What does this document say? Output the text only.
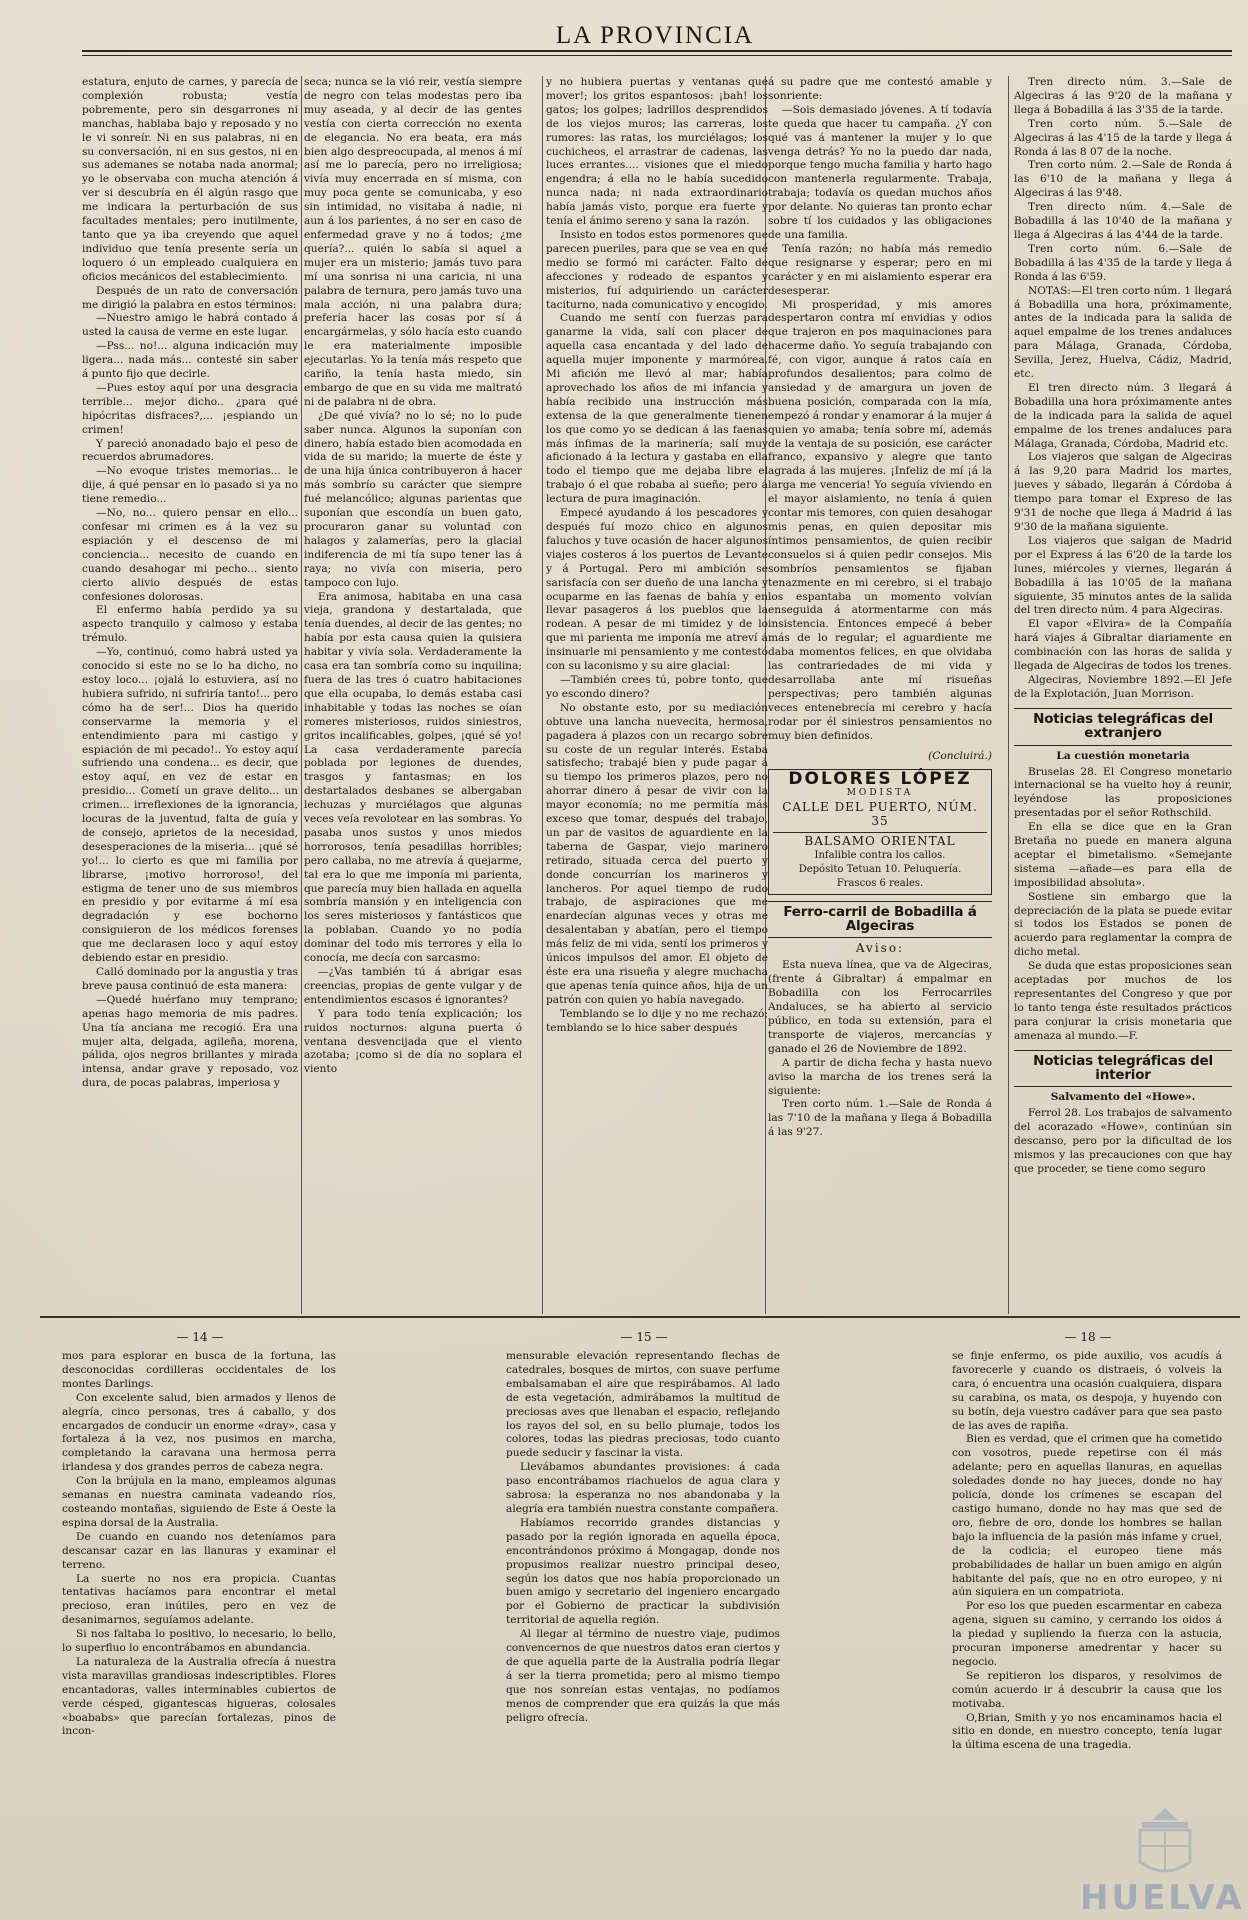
LA PROVINCIA

estatura, enjuto de carnes, y parecía de complexión robusta; vestía pobremente, pero sin desgarrones ni manchas, hablaba bajo y reposado y no le vi sonreír. Ni en sus palabras, ni en su conversación, ni en sus gestos, ni en sus ademanes se notaba nada anormal; yo le observaba con mucha atención á ver si descubría en él algún rasgo que me indicara la perturbación de sus facultades mentales; pero inutilmente, tanto que ya iba creyendo que aquel individuo que tenía presente sería un loquero ó un empleado cualquiera en oficios mecánicos del establecimiento.

Después de un rato de conversación me dirigió la palabra en estos términos:

—Nuestro amigo le habrá contado á usted la causa de verme en este lugar.

—Pss... no!... alguna indicación muy ligera... nada más... contesté sin saber á punto fijo que decirle.

—Pues estoy aquí por una desgracia terrible... mejor dicho.. ¿para qué hipócritas disfraces?,... ¡espiando un crimen!

Y pareció anonadado bajo el peso de recuerdos abrumadores.

—No evoque tristes memorias... le dije, á qué pensar en lo pasado si ya no tiene remedio...

—No, no... quiero pensar en ello... confesar mi crimen es á la vez su espiación y el descenso de mi conciencia... necesito de cuando en cuando desahogar mi pecho... siento cierto alivio después de estas confesiones dolorosas.

El enfermo había perdido ya su aspecto tranquilo y calmoso y estaba trémulo.

—Yo, continuó, como habrá usted ya conocido si este no se lo ha dicho, no estoy loco... ¡ojalá lo estuviera, así no hubiera sufrido, ni sufriría tanto!... pero cómo ha de ser!... Dios ha querido conservarme la memoria y el entendimiento para mi castigo y espiación de mi pecado!.. Yo estoy aquí sufriendo una condena... es decir, que estoy aquí, en vez de estar en presidio... Cometí un grave delito... un crimen... irreflexiones de la ignorancia, locuras de la juventud, falta de guía y de consejo, aprietos de la necesidad, desesperaciones de la miseria... ¡qué sé yo!... lo cierto es que mi familia por librarse, ¡motivo horroroso!, del estigma de tener uno de sus miembros en presidio y por evitarme á mí esa degradación y ese bochorno consiguieron de los médicos forenses que me declarasen loco y aquí estoy debiendo estar en presidio.

Calló dominado por la angustia y tras breve pausa continuó de esta manera:

—Quedé huérfano muy temprano; apenas hago memoria de mis padres. Una tía anciana me recogió. Era una mujer alta, delgada, agileña, morena, pálida, ojos negros brillantes y mirada intensa, andar grave y reposado, voz dura, de pocas palabras, imperiosa y

seca; nunca se la vió reir, vestía siempre de negro con telas modestas pero iba muy aseada, y al decir de las gentes vestía con cierta corrección no exenta de elegancia. No era beata, era más bien algo despreocupada, al menos á mí así me lo parecía, pero no irreligiosa; vivía muy encerrada en sí misma, con muy poca gente se comunicaba, y eso sin intimidad, no visitaba á nadie, ni aun á los parientes, á no ser en caso de enfermedad grave y no á todos; ¿me quería?... quién lo sabía si aquel a mujer era un misterio; jamás tuvo para mí una sonrisa ni una caricia, ni una palabra de ternura, pero jamás tuvo una mala acción, ni una palabra dura; prefería hacer las cosas por sí á encargármelas, y sólo hacía esto cuando le era materialmente imposible ejecutarlas. Yo la tenía más respeto que cariño, la tenía hasta miedo, sin embargo de que en su vida me maltrató ni de palabra ni de obra.

¿De qué vivía? no lo sé; no lo pude saber nunca. Algunos la suponían con dinero, había estado bien acomodada en vida de su marido; la muerte de éste y de una hija única contribuyeron á hacer más sombrío su carácter que siempre fué melancólico; algunas parientas que suponían que escondía un buen gato, procuraron ganar su voluntad con halagos y zalamerías, pero la glacial indiferencia de mi tía supo tener las á raya; no vivía con miseria, pero tampoco con lujo.

Era animosa, habitaba en una casa vieja, grandona y destartalada, que tenía duendes, al decir de las gentes; no había por esta causa quien la quisiera habitar y vivía sola. Verdaderamente la casa era tan sombría como su inquilina; fuera de las tres ó cuatro habitaciones que ella ocupaba, lo demás estaba casi inhabitable y todas las noches se oían romeres misteriosos, ruidos siniestros, gritos incalificables, golpes, ¡qué sé yo! La casa verdaderamente parecía poblada por legiones de duendes, trasgos y fantasmas; en los destartalados desbanes se albergaban lechuzas y murciélagos que algunas veces veía revolotear en las sombras. Yo pasaba unos sustos y unos miedos horrorosos, tenía pesadillas horribles; pero callaba, no me atrevía á quejarme, tal era lo que me imponía mi parienta, que parecía muy bien hallada en aquella sombría mansión y en inteligencia con los seres misteriosos y fantásticos que la poblaban. Cuando yo no podía dominar del todo mis terrores y ella lo conocía, me decía con sarcasmo:

—¿Vas también tú á abrigar esas creencias, propias de gente vulgar y de entendimientos escasos é ignorantes?

Y para todo tenía explicación; los ruidos nocturnos: alguna puerta ó ventana desvencijada que el viento azotaba; ¡como si de día no soplara el viento

y no hubiera puertas y ventanas que mover!; los gritos espantosos: ¡bah! los gatos; los golpes; ladrillos desprendidos de los viejos muros; las carreras, los rumores: las ratas, los murciélagos; los cuchicheos, el arrastrar de cadenas, las luces errantes.... visiones que el miedo engendra; á ella no le había sucedido nunca nada; ni nada extraordinario había jamás visto, porque era fuerte y tenía el ánimo sereno y sana la razón.

Insisto en todos estos pormenores que parecen pueriles, para que se vea en qué medio se formó mi carácter. Falto de afecciones y rodeado de espantos y misterios, fuí adquiriendo un carácter taciturno, nada comunicativo y encogido.

Cuando me sentí con fuerzas para ganarme la vida, salí con placer de aquella casa encantada y del lado de aquella mujer imponente y marmórea. Mi afición me llevó al mar; había aprovechado los años de mi infancia y había recibido una instrucción más extensa de la que generalmente tienen los que como yo se dedican á las faenas más ínfimas de la marinería; salí muy aficionado á la lectura y gastaba en ella todo el tiempo que me dejaba libre el trabajo ó el que robaba al sueño; pero á lectura de pura imaginación.

Empecé ayudando á los pescadores y después fuí mozo chico en algunos faluchos y tuve ocasión de hacer algunos viajes costeros á los puertos de Levante y á Portugal. Pero mi ambición se sarisfacía con ser dueño de una lancha y ocuparme en las faenas de bahía y en llevar pasageros á los pueblos que la rodean. A pesar de mi timidez y de lo que mi parienta me imponía me atreví á insinuarle mi pensamiento y me contestó con su laconismo y su aire glacial:

—También crees tú, pobre tonto, que yo escondo dinero?

No obstante esto, por su mediación obtuve una lancha nuevecita, hermosa, pagadera á plazos con un recargo sobre su coste de un regular interés. Estaba satisfecho; trabajé bien y pude pagar á su tiempo los primeros plazos, pero no ahorrar dinero á pesar de vivir con la mayor economía; no me permitía más exceso que tomar, después del trabajo, un par de vasitos de aguardiente en la taberna de Gaspar, viejo marinero retirado, situada cerca del puerto y donde concurrían los marineros y lancheros. Por aquel tiempo de rudo trabajo, de aspiraciones que me enardecían algunas veces y otras me desalentaban y abatían, pero el tiempo más feliz de mi vida, sentí los primeros y únicos impulsos del amor. El objeto de éste era una risueña y alegre muchacha que apenas tenía quince años, hija de un patrón con quien yo había navegado.

Temblando se lo dije y no me rechazó; temblando se lo hice saber después

á su padre que me contestó amable y sonriente:

—Sois demasiado jóvenes. A tí todavía te queda que hacer tu campaña. ¿Y con qué vas á mantener la mujer y lo que venga detrás? Yo no la puedo dar nada, porque tengo mucha familia y harto hago con mantenerla regularmente. Trabaja, trabaja; todavía os quedan muchos años por delante. No quieras tan pronto echar sobre tí los cuidados y las obligaciones de una familia.

Tenía razón; no había más remedio que resignarse y esperar; pero en mi carácter y en mi aislamiento esperar era desesperar.

Mi prosperidad, y mis amores despertaron contra mí envidias y odios que trajeron en pos maquinaciones para hacerme daño. Yo seguía trabajando con fé, con vigor, aunque á ratos caía en profundos desalientos; para colmo de ansiedad y de amargura un joven de buena posición, comparada con la mía, empezó á rondar y enamorar á la mujer á quien yo amaba; tenía sobre mí, además de la ventaja de su posición, ese carácter franco, expansivo y alegre que tanto agrada á las mujeres. ¡Infeliz de mí ¡á la larga me venceria! Yo seguía viviendo en el mayor aislamiento, no tenía á quien contar mis temores, con quien desahogar mis penas, en quien depositar mis íntimos pensamientos, de quien recibir consuelos si á quien pedir consejos. Mis sombríos pensamientos se fijaban tenazmente en mi cerebro, si el trabajo los espantaba un momento volvían enseguida á atormentarme con más insistencia. Entonces empecé á beber más de lo regular; el aguardiente me daba momentos felices, en que olvidaba las contrariedades de mi vida y desarrollaba ante mí risueñas perspectivas; pero también algunas veces entenebrecía mi cerebro y hacía rodar por él siniestros pensamientos no muy bien definidos.

(Concluirá.)
DOLORES LÓPEZ
MODISTA
CALLE DEL PUERTO, NÚM. 35
BALSAMO ORIENTAL
Infalible contra los callos.
Depósito Tetuan 10. Peluquería.
Frascos 6 reales.
Ferro-carril de Bobadilla á Algeciras
Aviso:

Esta nueva línea, que va de Algeciras, (frente á Gibraltar) á empalmar en Bobadilla con los Ferrocarriles Andaluces, se ha abierto al servicio público, en toda su extensión, para el transporte de viajeros, mercancías y ganado el 26 de Noviembre de 1892.

A partir de dicha fecha y hasta nuevo aviso la marcha de los trenes será la siguiente:

Tren corto núm. 1.—Sale de Ronda á las 7'10 de la mañana y llega á Bobadilla á las 9'27.

Tren directo núm. 3.—Sale de Algeciras á las 9'20 de la mañana y llega á Bobadilla á las 3'35 de la tarde.

Tren corto núm. 5.—Sale de Algeciras á las 4'15 de la tarde y llega á Ronda á las 8 07 de la noche.

Tren corto núm. 2.—Sale de Ronda á las 6'10 de la mañana y llega á Algeciras á las 9'48.

Tren directo núm. 4.—Sale de Bobadilla á las 10'40 de la mañana y llega á Algeciras á las 4'44 de la tarde.

Tren corto núm. 6.—Sale de Bobadilla á las 4'35 de la tarde y llega á Ronda á las 6'59.

NOTAS:—El tren corto núm. 1 llegará á Bobadilla una hora, próximamente, antes de la indicada para la salida de aquel empalme de los trenes andaluces para Málaga, Granada, Córdoba, Sevilla, Jerez, Huelva, Cádiz, Madrid, etc.

El tren directo núm. 3 llegará á Bobadilla una hora próximamente antes de la indicada para la salida de aquel empalme de los trenes andaluces para Málaga, Granada, Córdoba, Madrid etc.

Los viajeros que salgan de Algeciras á las 9,20 para Madrid los martes, jueves y sábado, llegarán á Córdoba á tiempo para tomar el Expreso de las 9'31 de noche que llega á Madrid á las 9'30 de la mañana siguiente.

Los viajeros que salgan de Madrid por el Express á las 6'20 de la tarde los lunes, miércoles y viernes, llegarán á Bobadilla á las 10'05 de la mañana siguiente, 35 minutos antes de la salida del tren directo núm. 4 para Algeciras.

El vapor «Elvira» de la Compañía hará viajes á Gibraltar diariamente en combinación con las horas de salida y llegada de Algeciras de todos los trenes.

Algeciras, Noviembre 1892.—El Jefe de la Explotación, Juan Morrison.

Noticias telegráficas del extranjero
La cuestión monetaria

Bruselas 28. El Congreso monetario internacional se ha vuelto hoy á reunir, leyéndose las proposiciones presentadas por el señor Rothschild.

En ella se dice que en la Gran Bretaña no puede en manera alguna aceptar el bimetalismo. «Semejante sistema —añade—es para ella de imposibilidad absoluta».

Sostiene sin embargo que la depreciación de la plata se puede evitar si todos los Estados se ponen de acuerdo para reglamentar la compra de dicho metal.

Se duda que estas proposiciones sean aceptadas por muchos de los representantes del Congreso y que por lo tanto tenga éste resultados prácticos para conjurar la crisis monetaria que amenaza al mundo.—F.

Noticias telegráficas del interior
Salvamento del «Howe».

Ferrol 28. Los trabajos de salvamento del acorazado «Howe», continúan sin descanso, pero por la dificultad de los mismos y las precauciones con que hay que proceder, se tiene como seguro

— 14 —	— 15 —	— 18 —

mos para esplorar en busca de la fortuna, las desconocidas cordilleras occidentales de los montes Darlings.

Con excelente salud, bien armados y llenos de alegría, cinco personas, tres á caballo, y dos encargados de conducir un enorme «dray», casa y fortaleza á la vez, nos pusimos en marcha, completando la caravana una hermosa perra irlandesa y dos grandes perros de cabeza negra.

Con la brújula en la mano, empleamos algunas semanas en nuestra caminata vadeando ríos, costeando montañas, siguiendo de Este á Oeste la espina dorsal de la Australia.

De cuando en cuando nos deteníamos para descansar cazar en las llanuras y examinar el terreno.

La suerte no nos era propicia. Cuantas tentativas hacíamos para encontrar el metal precioso, eran inútiles, pero en vez de desanimarnos, seguíamos adelante.

Si nos faltaba lo positivo, lo necesario, lo bello, lo superfluo lo encontrábamos en abundancia.

La naturaleza de la Australia ofrecía á nuestra vista maravillas grandiosas indescriptibles. Flores encantadoras, valles interminables cubiertos de verde césped, gigantescas higueras, colosales «boababs» que parecían fortalezas, pinos de incon-

mensurable elevación representando flechas de catedrales, bosques de mirtos, con suave perfume embalsamaban el aire que respirábamos. Al lado de esta vegetación, admirábamos la multitud de preciosas aves que llenaban el espacio, reflejando los rayos del sol, en su bello plumaje, todos los colores, todas las piedras preciosas, todo cuanto puede seducir y fascinar la vista.

Llevábamos abundantes provisiones: á cada paso encontrábamos riachuelos de agua clara y sabrosa: la esperanza no nos abandonaba y la alegría era también nuestra constante compañera.

Habíamos recorrido grandes distancias y pasado por la región ignorada en aquella época, encontrándonos próximo á Mongagap, donde nos propusimos realizar nuestro principal deseo, según los datos que nos había proporcionado un buen amigo y secretario del ingeniero encargado por el Gobierno de practicar la subdivisión territorial de aquella región.

Al llegar al término de nuestro viaje, pudimos convencernos de que nuestros datos eran ciertos y de que aquella parte de la Australia podría llegar á ser la tierra prometida; pero al mismo tiempo que nos sonreían estas ventajas, no podíamos menos de comprender que era quizás la que más peligro ofrecía.

se finje enfermo, os pide auxilio, vos acudís á favorecerle y cuando os distraeis, ó volveis la cara, ó encuentra una ocasión cualquiera, dispara su carabina, os mata, os despoja, y huyendo con su botín, deja vuestro cadáver para que sea pasto de las aves de rapiña.

Bien es verdad, que el crimen que ha cometido con vosotros, puede repetirse con él más adelante; pero en aquellas llanuras, en aquellas soledades donde no hay jueces, donde no hay policía, donde los crímenes se escapan del castigo humano, donde no hay mas que sed de oro, fiebre de oro, donde los hombres se hallan bajo la influencia de la pasión más infame y cruel, de la codicia; el europeo tiene más probabilidades de hallar un buen amigo en algún habitante del país, que no en otro europeo, y ni aún siquiera en un compatriota.

Por eso los que pueden escarmentar en cabeza agena, siguen su camino, y cerrando los oidos á la piedad y supliendo la fuerza con la astucia, procuran imponerse amedrentar y hacer su negocio.

Se repitieron los disparos, y resolvimos de común acuerdo ir á descubrir la causa que los motivaba.

O,Brian, Smith y yo nos encaminamos hacia el sitio en donde, en nuestro concepto, tenía lugar la última escena de una tragedia.

HUELVA
